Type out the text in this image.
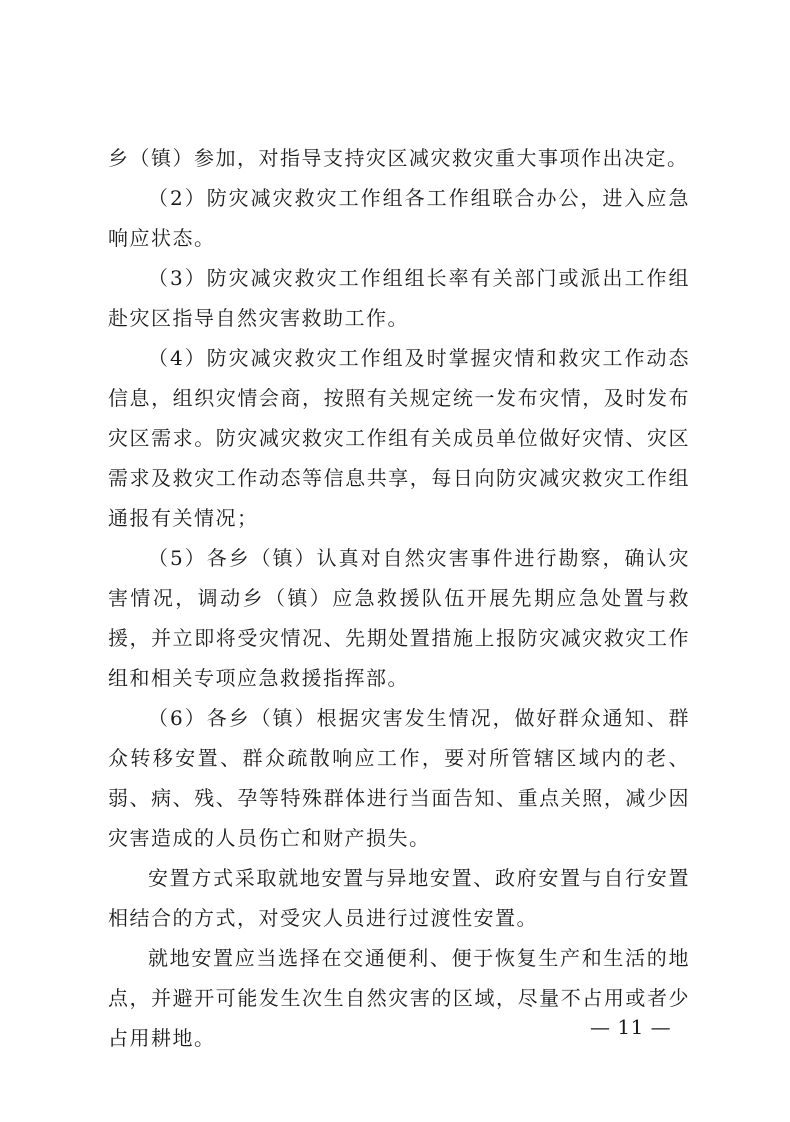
乡（镇）参加，对指导支持灾区减灾救灾重大事项作出决定。

（2）防灾减灾救灾工作组各工作组联合办公，进入应急响应状态。

（3）防灾减灾救灾工作组组长率有关部门或派出工作组赴灾区指导自然灾害救助工作。

（4）防灾减灾救灾工作组及时掌握灾情和救灾工作动态信息，组织灾情会商，按照有关规定统一发布灾情，及时发布灾区需求。防灾减灾救灾工作组有关成员单位做好灾情、灾区需求及救灾工作动态等信息共享，每日向防灾减灾救灾工作组通报有关情况；

（5）各乡（镇）认真对自然灾害事件进行勘察，确认灾害情况，调动乡（镇）应急救援队伍开展先期应急处置与救援，并立即将受灾情况、先期处置措施上报防灾减灾救灾工作组和相关专项应急救援指挥部。

（6）各乡（镇）根据灾害发生情况，做好群众通知、群众转移安置、群众疏散响应工作，要对所管辖区域内的老、弱、病、残、孕等特殊群体进行当面告知、重点关照，减少因灾害造成的人员伤亡和财产损失。

安置方式采取就地安置与异地安置、政府安置与自行安置相结合的方式，对受灾人员进行过渡性安置。

就地安置应当选择在交通便利、便于恢复生产和生活的地点，并避开可能发生次生自然灾害的区域，尽量不占用或者少占用耕地。	— 11 —
